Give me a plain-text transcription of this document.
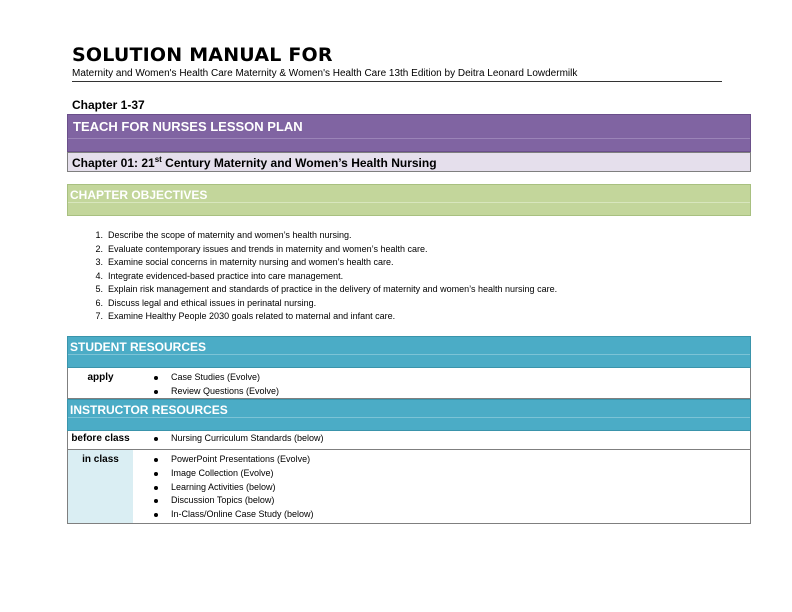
SOLUTION MANUAL FOR
Maternity and Women's Health Care Maternity & Women's Health Care 13th Edition by Deitra Leonard Lowdermilk
Chapter 1-37
TEACH FOR NURSES LESSON PLAN
Chapter 01: 21st Century Maternity and Women’s Health Nursing
CHAPTER OBJECTIVES
1. Describe the scope of maternity and women’s health nursing.
2. Evaluate contemporary issues and trends in maternity and women’s health care.
3. Examine social concerns in maternity nursing and women’s health care.
4. Integrate evidenced-based practice into care management.
5. Explain risk management and standards of practice in the delivery of maternity and women’s health nursing care.
6. Discuss legal and ethical issues in perinatal nursing.
7. Examine Healthy People 2030 goals related to maternal and infant care.
STUDENT RESOURCES
apply	Case Studies (Evolve)
Review Questions (Evolve)
INSTRUCTOR RESOURCES
before class	Nursing Curriculum Standards (below)
in class	PowerPoint Presentations (Evolve)
Image Collection (Evolve)
Learning Activities (below)
Discussion Topics (below)
In-Class/Online Case Study (below)
